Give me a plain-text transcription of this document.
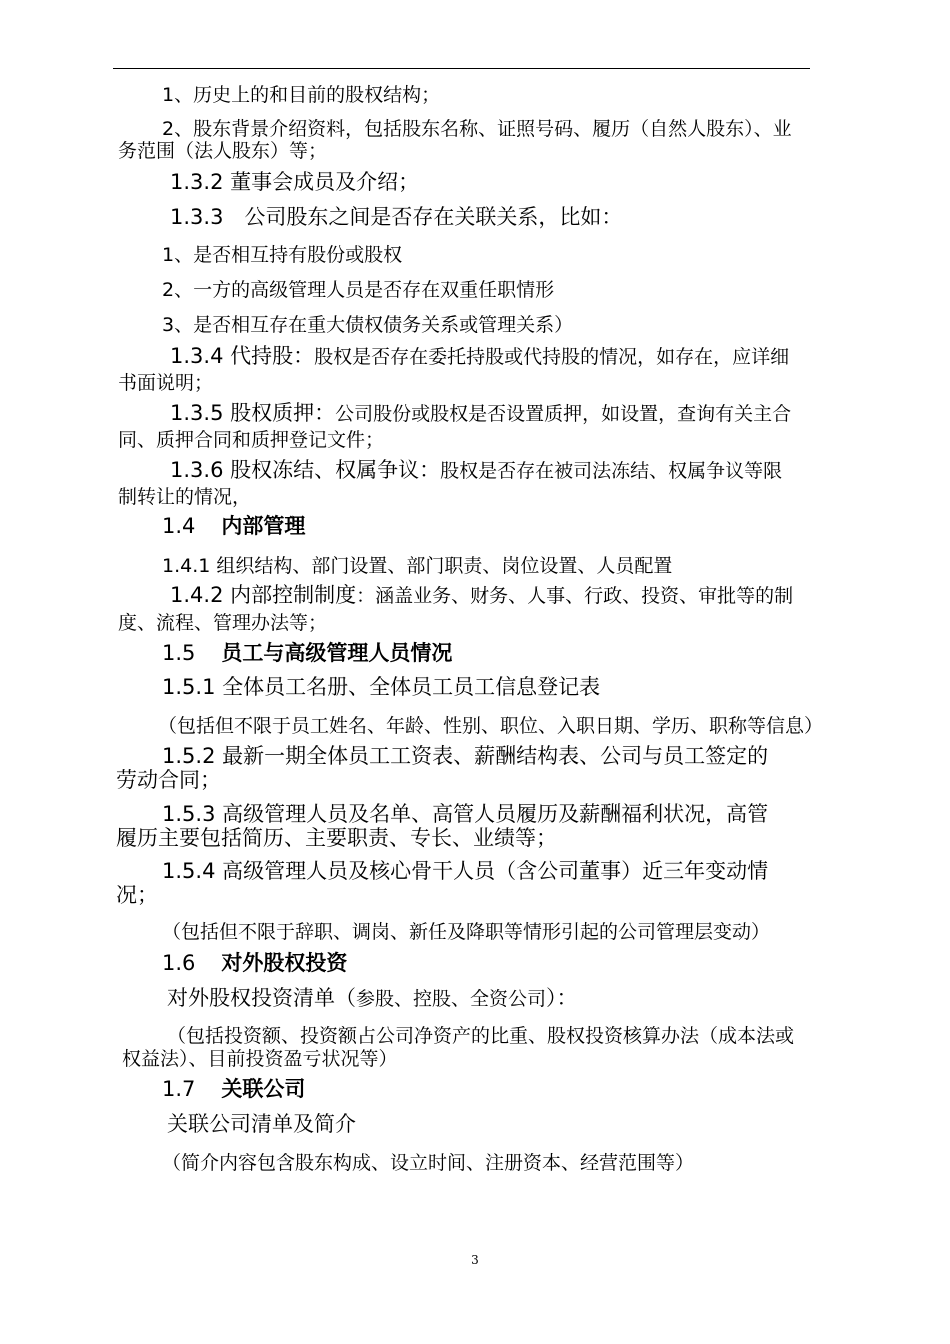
1、历史上的和目前的股权结构；
2、股东背景介绍资料，包括股东名称、证照号码、履历（自然人股东）、业
务范围（法人股东）等；
1.3.2 董事会成员及介绍；
1.3.3　公司股东之间是否存在关联关系，比如：
1、是否相互持有股份或股权
2、一方的高级管理人员是否存在双重任职情形
3、是否相互存在重大债权债务关系或管理关系）
1.3.4 代持股：股权是否存在委托持股或代持股的情况，如存在，应详细
书面说明；
1.3.5 股权质押：公司股份或股权是否设置质押，如设置，查询有关主合
同、质押合同和质押登记文件；
1.3.6 股权冻结、权属争议：股权是否存在被司法冻结、权属争议等限
制转让的情况，
1.4 内部管理
1.4.1 组织结构、部门设置、部门职责、岗位设置、人员配置
1.4.2 内部控制制度：涵盖业务、财务、人事、行政、投资、审批等的制
度、流程、管理办法等；
1.5 员工与高级管理人员情况
1.5.1 全体员工名册、全体员工员工信息登记表
（包括但不限于员工姓名、年龄、性别、职位、入职日期、学历、职称等信息）
1.5.2 最新一期全体员工工资表、薪酬结构表、公司与员工签定的
劳动合同；
1.5.3 高级管理人员及名单、高管人员履历及薪酬福利状况，高管
履历主要包括简历、主要职责、专长、业绩等；
1.5.4 高级管理人员及核心骨干人员（含公司董事）近三年变动情
况；
（包括但不限于辞职、调岗、新任及降职等情形引起的公司管理层变动）
1.6 对外股权投资
对外股权投资清单（参股、控股、全资公司）：
（包括投资额、投资额占公司净资产的比重、股权投资核算办法（成本法或
权益法）、目前投资盈亏状况等）
1.7 关联公司
关联公司清单及简介
（简介内容包含股东构成、设立时间、注册资本、经营范围等）
3
